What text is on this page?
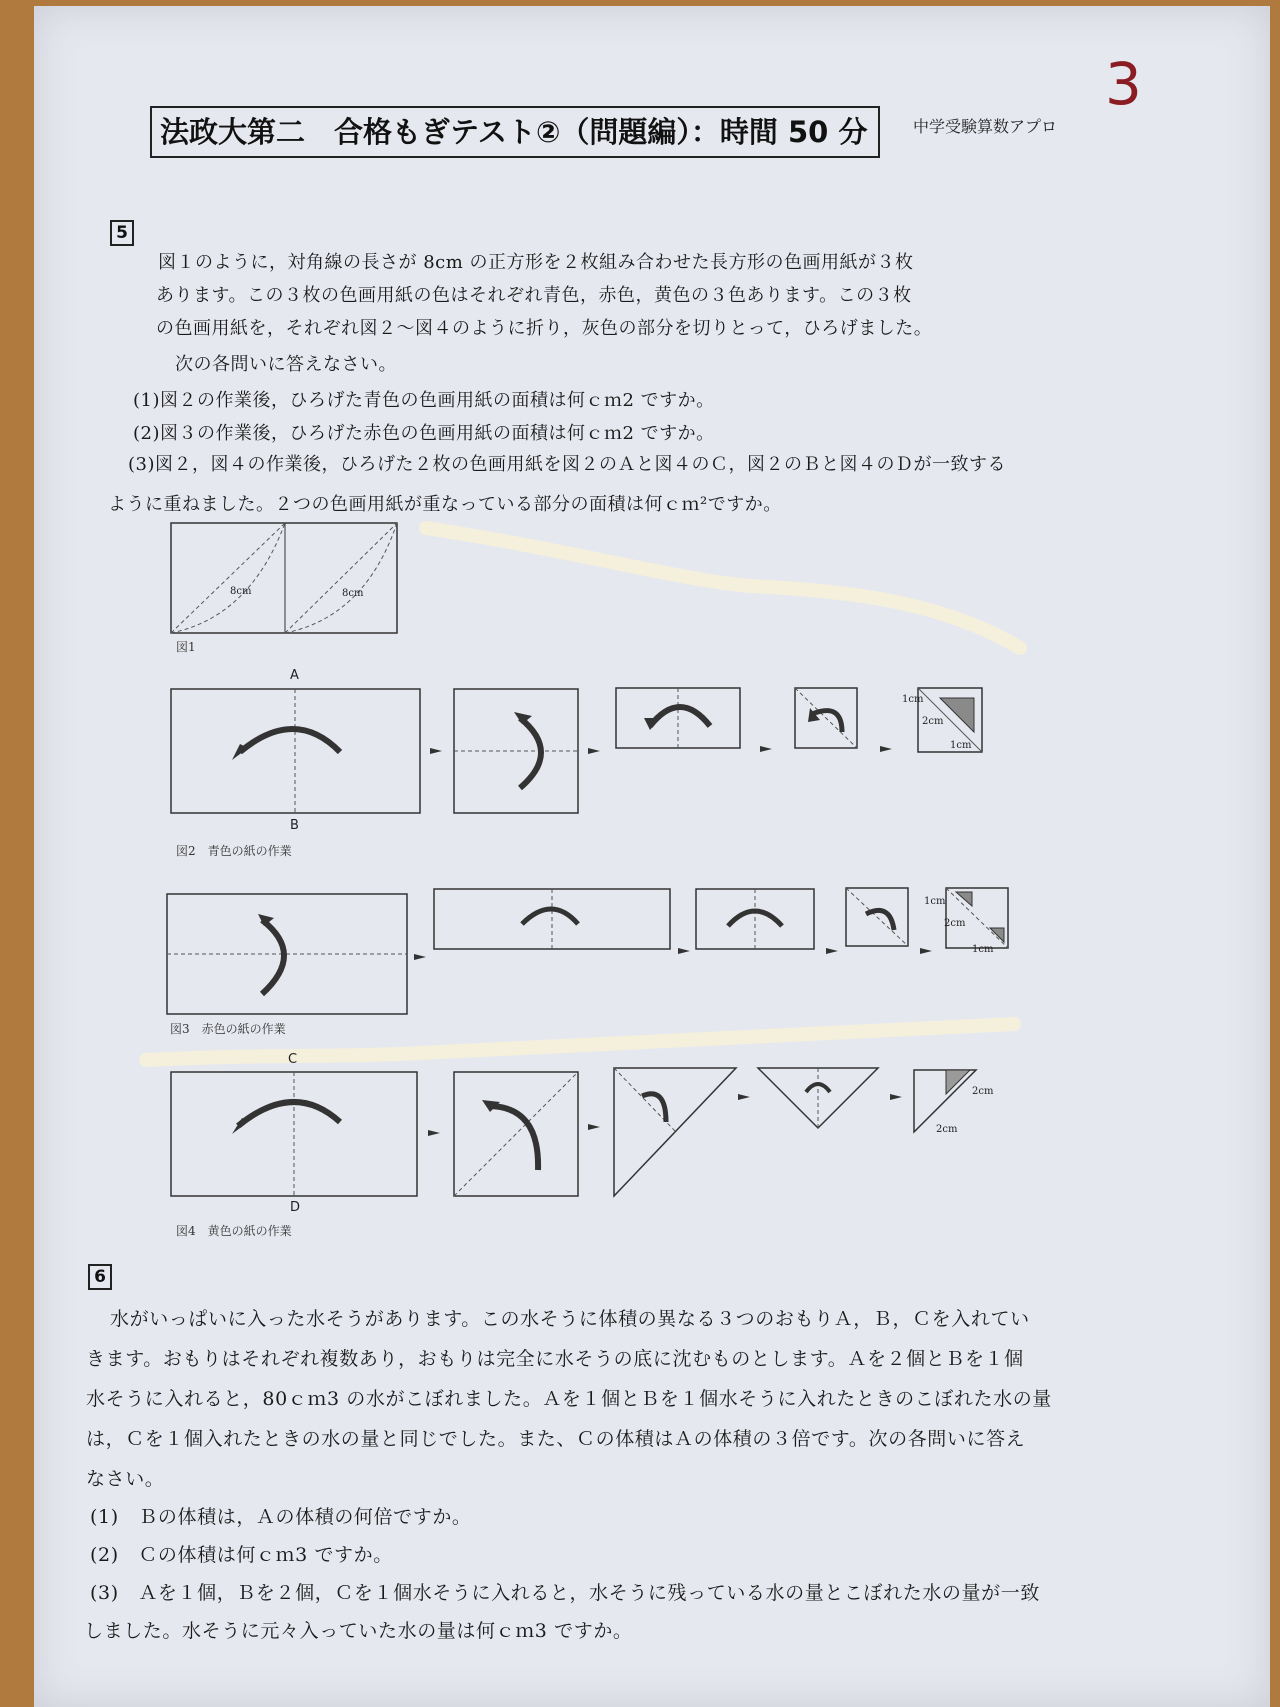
3
法政大第二　合格もぎテスト②（問題編）：時間 50 分	中学受験算数アプロ
5
図１のように，対角線の長さが 8cm の正方形を２枚組み合わせた長方形の色画用紙が３枚
あります。この３枚の色画用紙の色はそれぞれ青色，赤色，黄色の３色あります。この３枚
の色画用紙を，それぞれ図２～図４のように折り，灰色の部分を切りとって，ひろげました。
次の各問いに答えなさい。
(1)図２の作業後，ひろげた青色の色画用紙の面積は何ｃｍ2 ですか。
(2)図３の作業後，ひろげた赤色の色画用紙の面積は何ｃｍ2 ですか。
(3)図２，図４の作業後，ひろげた２枚の色画用紙を図２のＡと図４のＣ，図２のＢと図４のＤが一致する
ように重ねました。２つの色画用紙が重なっている部分の面積は何ｃｍ²ですか。
8cm	8cm
図1
A
B
1cm
2cm
1cm
図2　青色の紙の作業
1cm
2cm
1cm
図3　赤色の紙の作業
C
2cm
2cm
D
図4　黄色の紙の作業
6
水がいっぱいに入った水そうがあります。この水そうに体積の異なる３つのおもりＡ，Ｂ，Ｃを入れてい
きます。おもりはそれぞれ複数あり，おもりは完全に水そうの底に沈むものとします。Ａを２個とＢを１個
水そうに入れると，80ｃｍ3 の水がこぼれました。Ａを１個とＢを１個水そうに入れたときのこぼれた水の量
は，Ｃを１個入れたときの水の量と同じでした。また、Ｃの体積はＡの体積の３倍です。次の各問いに答え
なさい。
(1)　Ｂの体積は，Ａの体積の何倍ですか。
(2)　Ｃの体積は何ｃｍ3 ですか。
(3)　Ａを１個，Ｂを２個，Ｃを１個水そうに入れると，水そうに残っている水の量とこぼれた水の量が一致
しました。水そうに元々入っていた水の量は何ｃｍ3 ですか。
